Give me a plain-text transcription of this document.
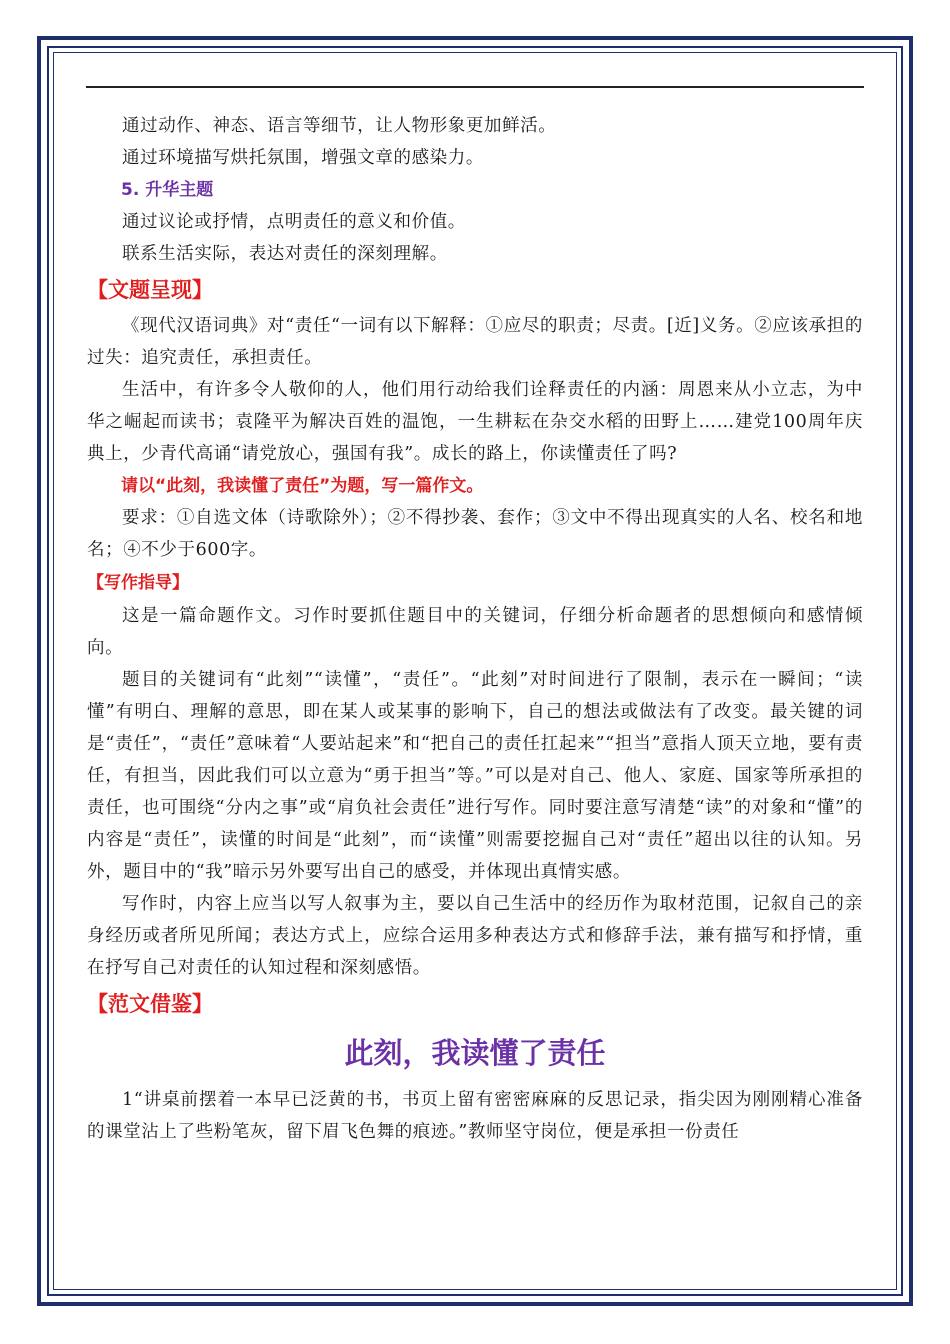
通过动作、神态、语言等细节，让人物形象更加鲜活。

通过环境描写烘托氛围，增强文章的感染力。

5. 升华主题

通过议论或抒情，点明责任的意义和价值。

联系生活实际，表达对责任的深刻理解。

【文题呈现】

《现代汉语词典》对“责任“一词有以下解释：①应尽的职责；尽责。[近]义务。②应该承担的过失：追究责任，承担责任。

生活中，有许多令人敬仰的人，他们用行动给我们诠释责任的内涵：周恩来从小立志，为中华之崛起而读书；袁隆平为解决百姓的温饱，一生耕耘在杂交水稻的田野上……建党100周年庆典上，少青代高诵“请党放心，强国有我”。成长的路上，你读懂责任了吗?

请以“此刻，我读懂了责任”为题，写一篇作文。

要求：①自选文体（诗歌除外）；②不得抄袭、套作；③文中不得出现真实的人名、校名和地名；④不少于600字。

【写作指导】

这是一篇命题作文。习作时要抓住题目中的关键词，仔细分析命题者的思想倾向和感情倾向。

题目的关键词有“此刻”“读懂”，“责任”。“此刻”对时间进行了限制，表示在一瞬间；“读懂”有明白、理解的意思，即在某人或某事的影响下，自己的想法或做法有了改变。最关键的词是“责任”，“责任”意味着“人要站起来”和“把自己的责任扛起来”“担当”意指人顶天立地，要有责任，有担当，因此我们可以立意为“勇于担当”等。”可以是对自己、他人、家庭、国家等所承担的责任，也可围绕“分内之事”或“肩负社会责任”进行写作。同时要注意写清楚“读”的对象和“懂”的内容是“责任”，读懂的时间是“此刻”，而“读懂”则需要挖掘自己对“责任”超出以往的认知。另外，题目中的“我”暗示另外要写出自己的感受，并体现出真情实感。

写作时，内容上应当以写人叙事为主，要以自己生活中的经历作为取材范围，记叙自己的亲身经历或者所见所闻；表达方式上，应综合运用多种表达方式和修辞手法，兼有描写和抒情，重在抒写自己对责任的认知过程和深刻感悟。

【范文借鉴】

此刻，我读懂了责任

1“讲桌前摆着一本早已泛黄的书，书页上留有密密麻麻的反思记录，指尖因为刚刚精心准备的课堂沾上了些粉笔灰，留下眉飞色舞的痕迹。”教师坚守岗位，便是承担一份责任
